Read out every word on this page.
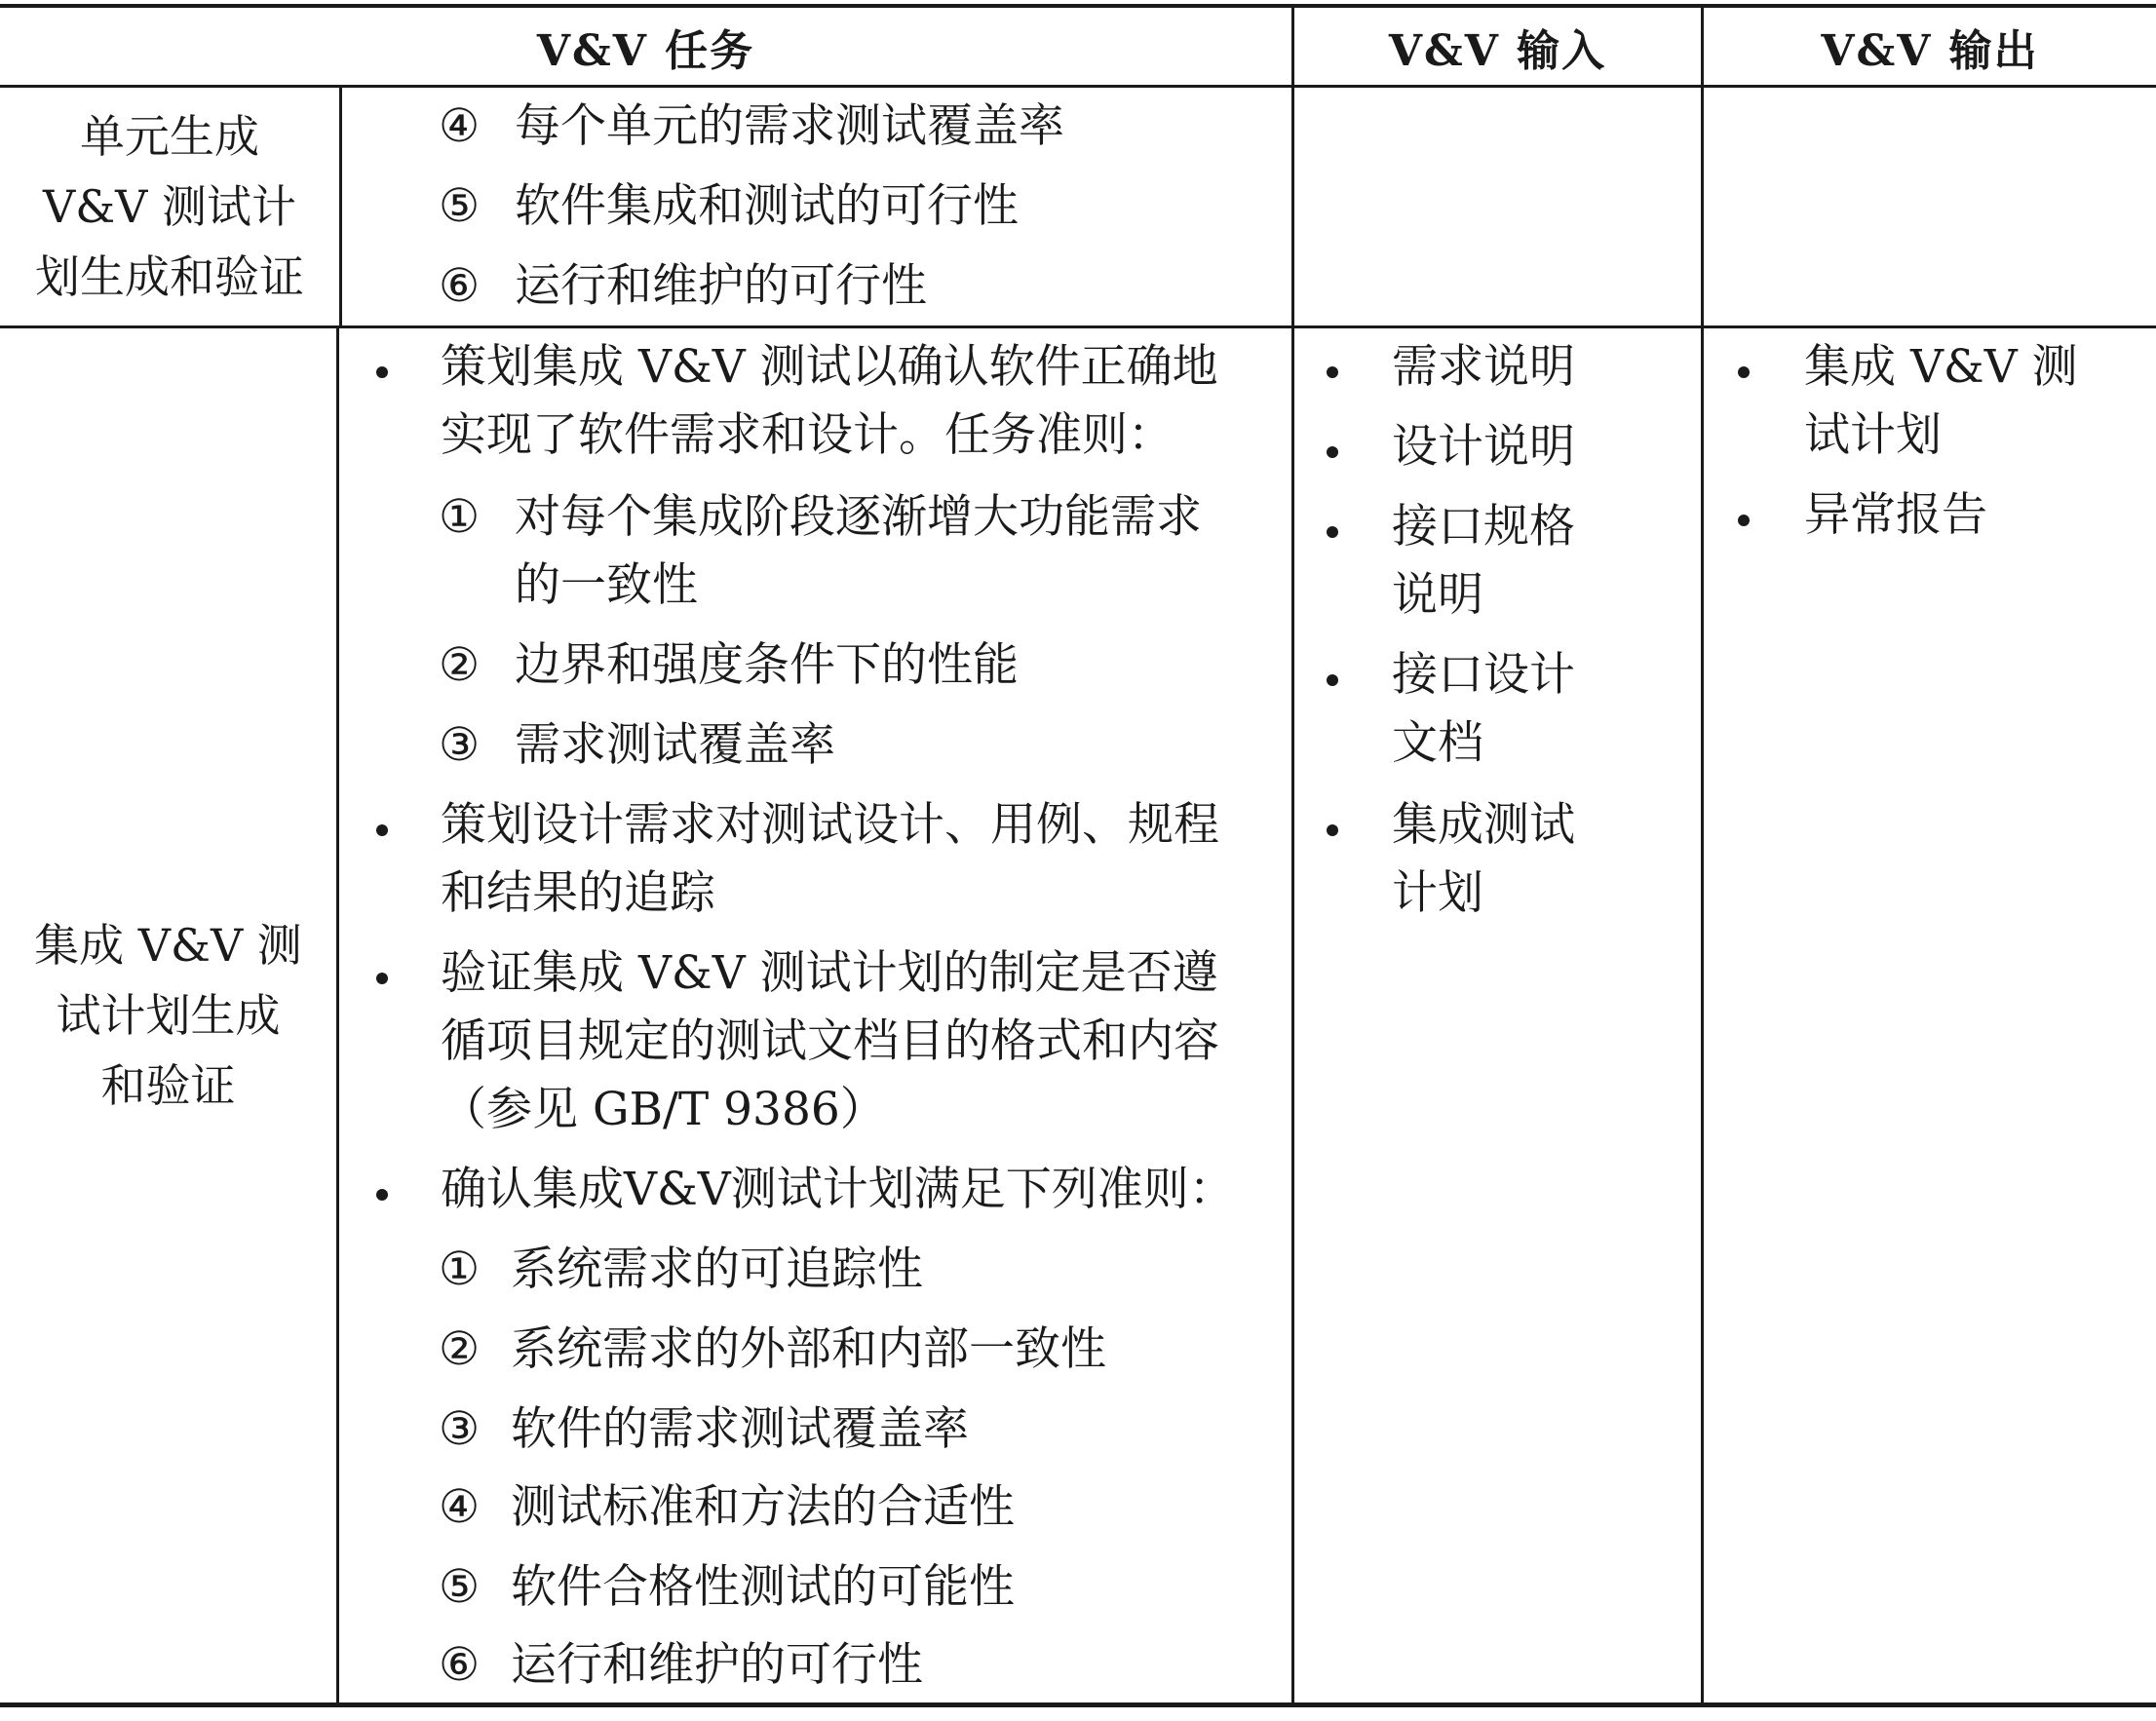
V&V 任务	V&V 输入	V&V 输出
单元生成
V&V 测试计
划生成和验证
④ 每个单元的需求测试覆盖率
⑤ 软件集成和测试的可行性
⑥ 运行和维护的可行性
集成 V&V 测
试计划生成
和验证
策划集成 V&V 测试以确认软件正确地
实现了软件需求和设计。任务准则：
① 对每个集成阶段逐渐增大功能需求
的一致性
② 边界和强度条件下的性能
③ 需求测试覆盖率
策划设计需求对测试设计、用例、规程
和结果的追踪
验证集成 V&V 测试计划的制定是否遵
循项目规定的测试文档目的格式和内容
（参见 GB/T 9386）
确认集成V&V测试计划满足下列准则：
① 系统需求的可追踪性
② 系统需求的外部和内部一致性
③ 软件的需求测试覆盖率
④ 测试标准和方法的合适性
⑤ 软件合格性测试的可能性
⑥ 运行和维护的可行性
需求说明
设计说明
接口规格
说明
接口设计
文档
集成测试
计划
集成 V&V 测
试计划
异常报告
